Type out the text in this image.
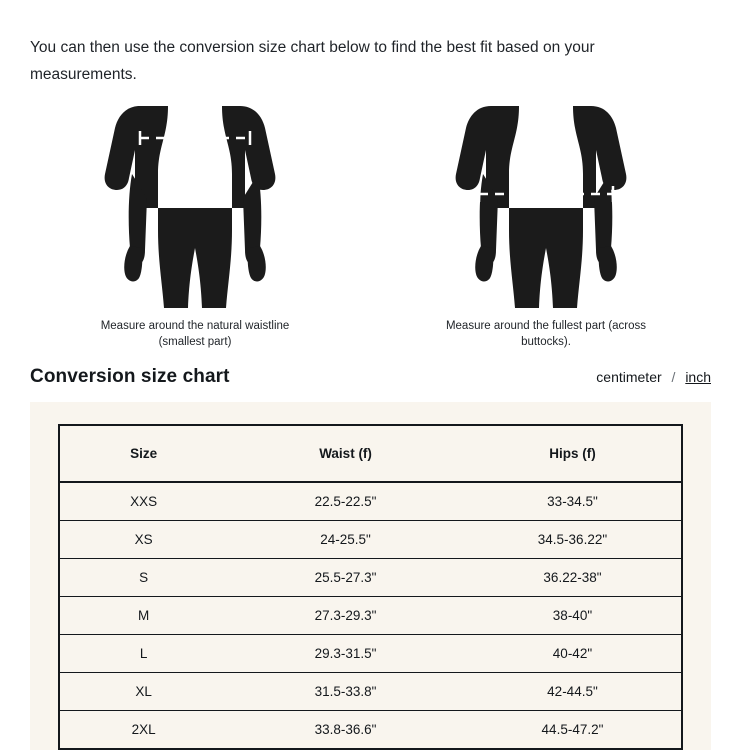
You can then use the conversion size chart below to find the best fit based on your measurements.

Measure around the natural waistline (smallest part)
Measure around the fullest part (across buttocks).
Conversion size chart	centimeter / inch
Size	Waist (f)	Hips (f)
XXS	22.5-22.5"	33-34.5"
XS	24-25.5"	34.5-36.22"
S	25.5-27.3"	36.22-38"
M	27.3-29.3"	38-40"
L	29.3-31.5"	40-42"
XL	31.5-33.8"	42-44.5"
2XL	33.8-36.6"	44.5-47.2"
